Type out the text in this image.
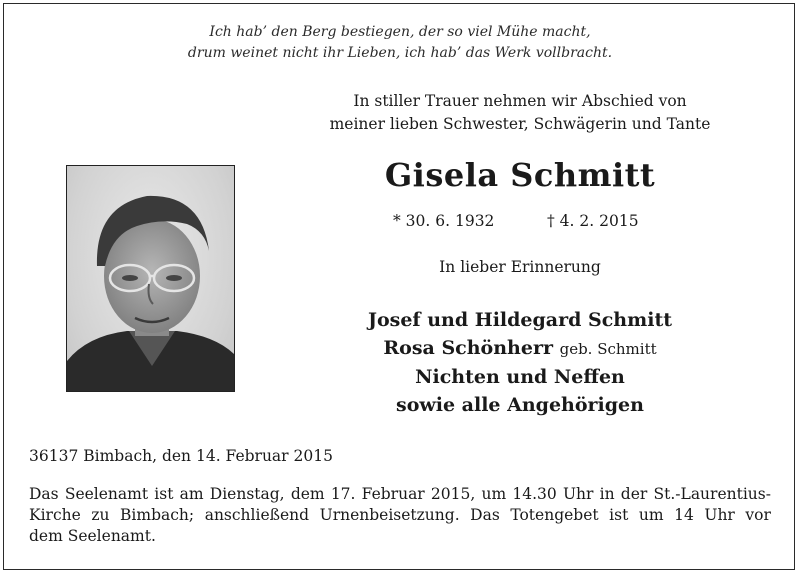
Ich hab’ den Berg bestiegen, der so viel Mühe macht,
drum weinet nicht ihr Lieben, ich hab’ das Werk vollbracht.
In stiller Trauer nehmen wir Abschied von
meiner lieben Schwester, Schwägerin und Tante
Gisela Schmitt
* 30. 6. 1932	† 4. 2. 2015
In lieber Erinnerung
Josef und Hildegard Schmitt
Rosa Schönherr geb. Schmitt
Nichten und Neffen
sowie alle Angehörigen
36137 Bimbach, den 14. Februar 2015
Das Seelenamt ist am Dienstag, dem 17. Februar 2015, um 14.30 Uhr in der St.-Laurentius-
Kirche zu Bimbach; anschließend Urnenbeisetzung. Das Totengebet ist um 14 Uhr vor
dem Seelenamt.
